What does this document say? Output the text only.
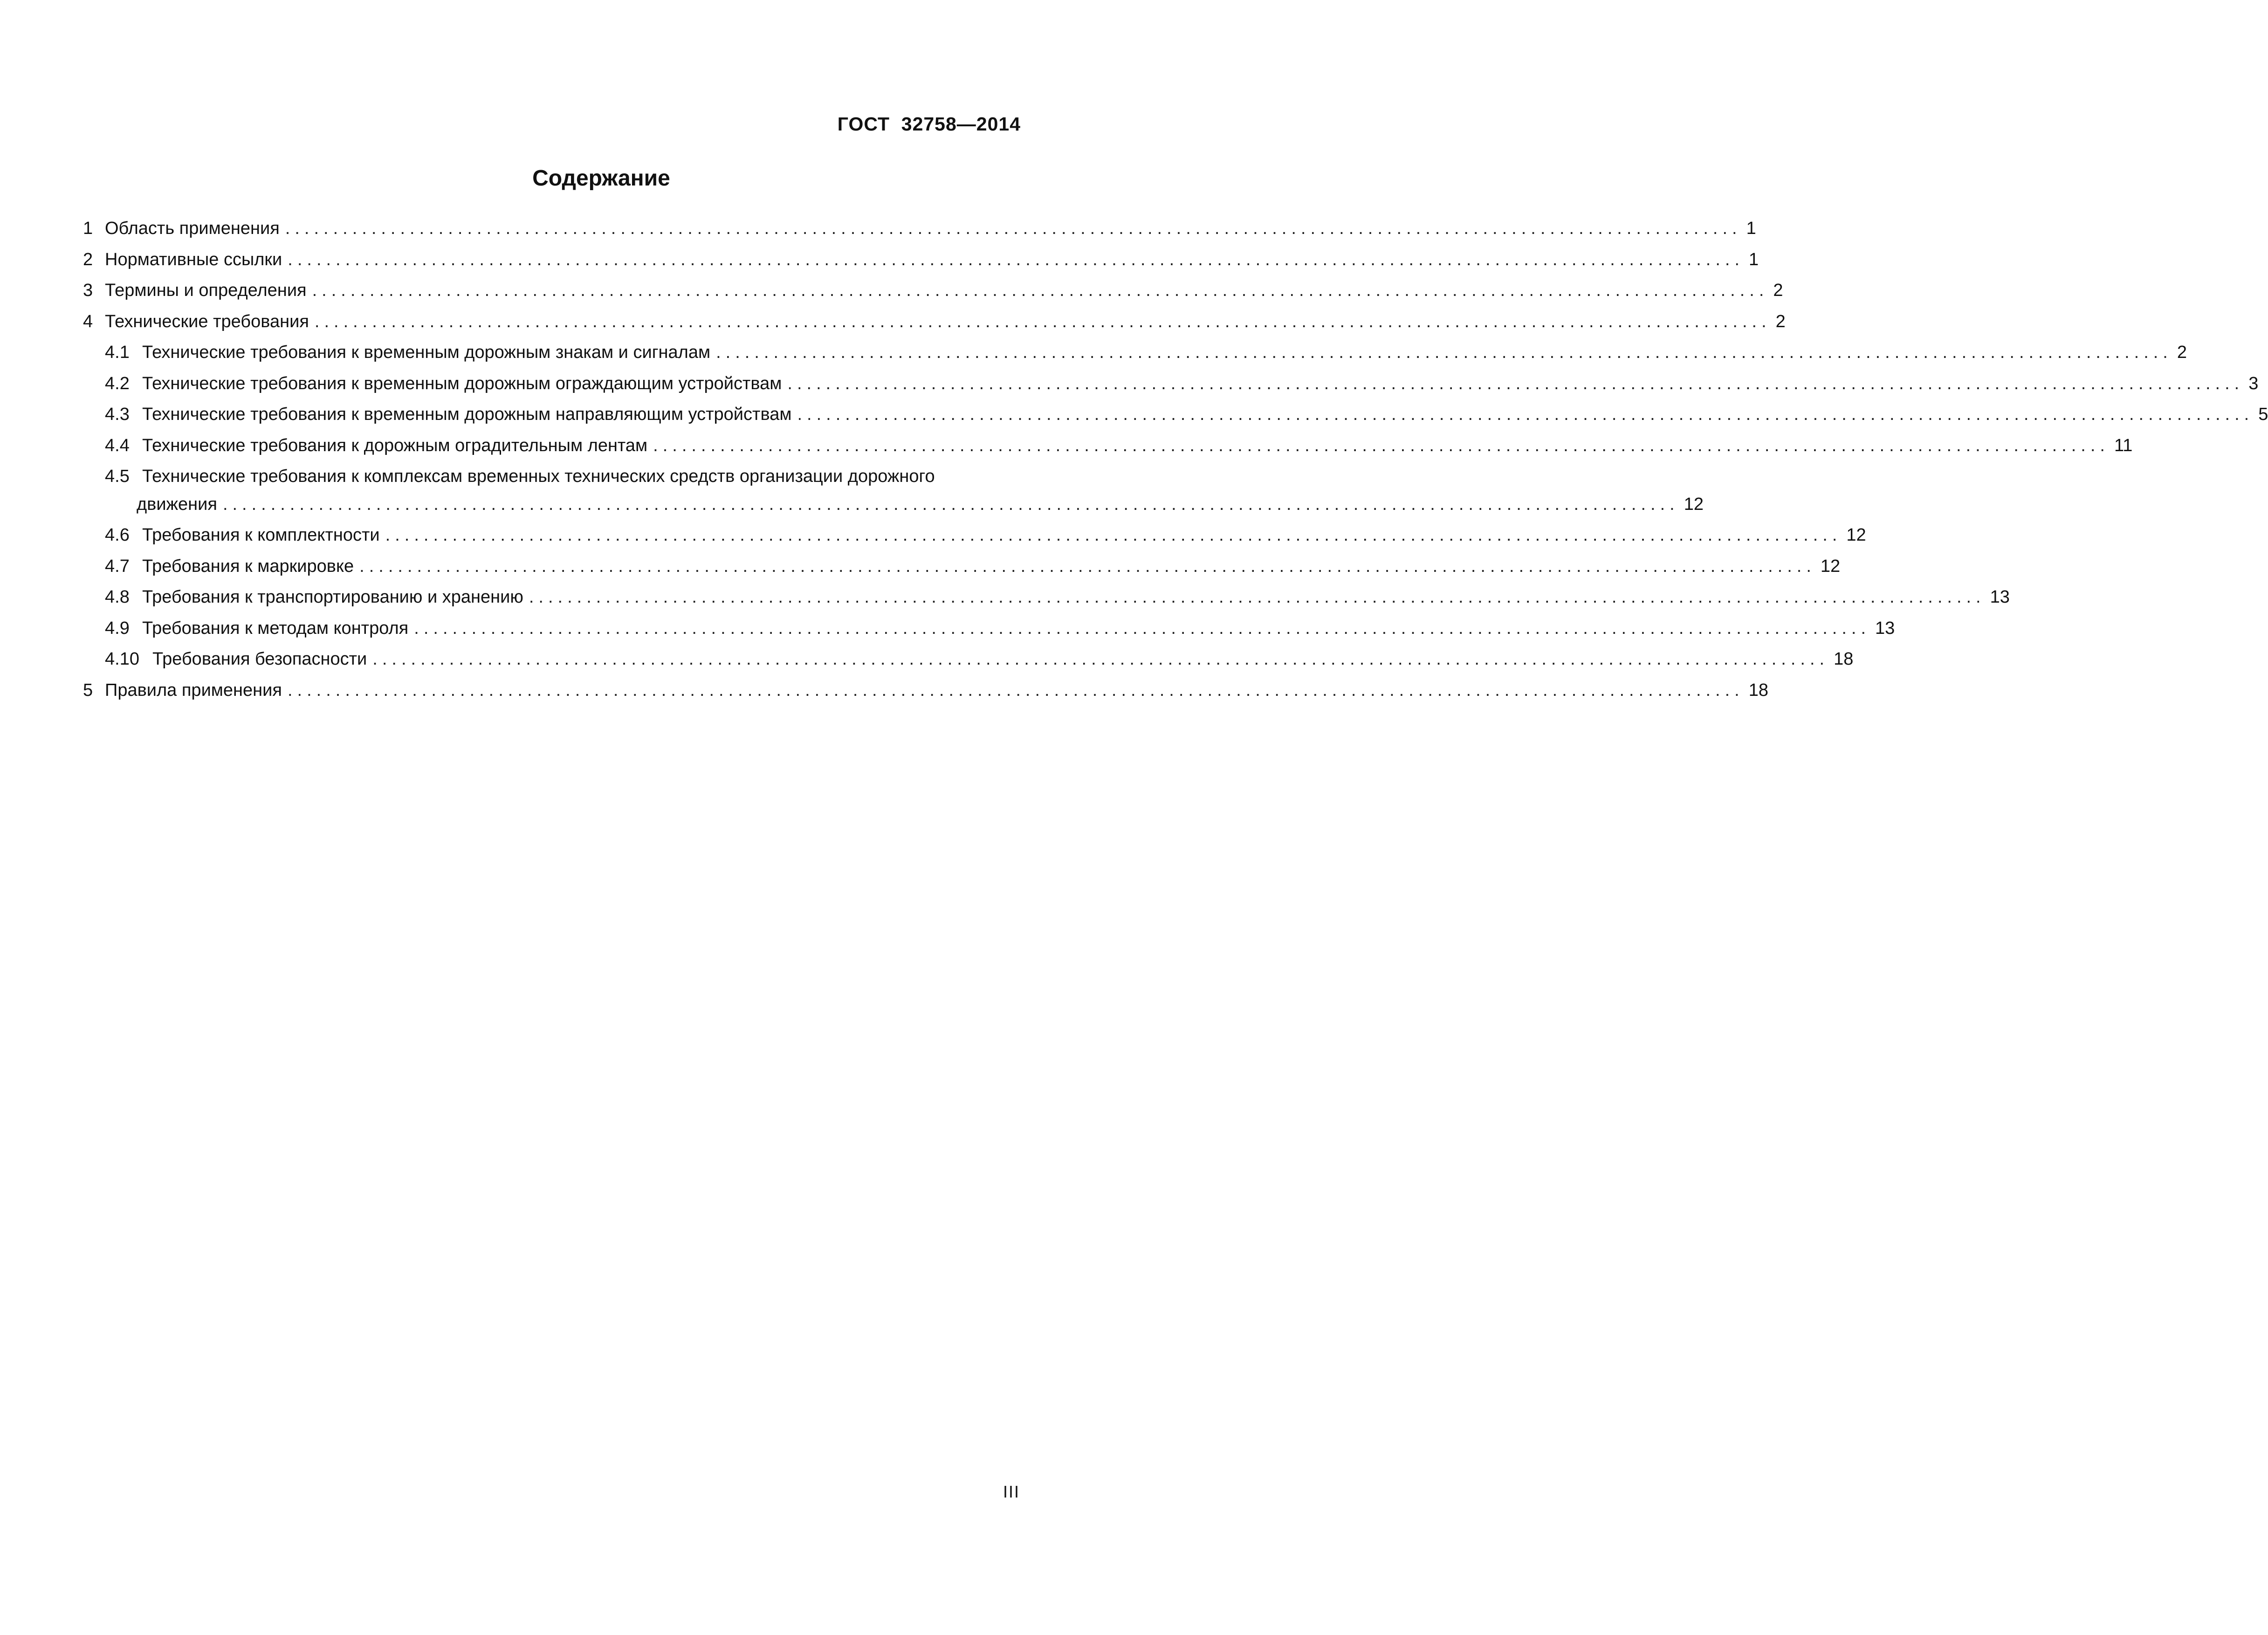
ГОСТ  32758—2014
Содержание
1 Область применения ........................................................................................................................................................ 1
2 Нормативные ссылки ........................................................................................................................................................ 1
3 Термины и определения ........................................................................................................................................................ 2
4 Технические требования ........................................................................................................................................................ 2
4.1 Технические требования к временным дорожным знакам и сигналам ........................................................................................................................................................ 2
4.2 Технические требования к временным дорожным ограждающим устройствам ........................................................................................................................................................ 3
4.3 Технические требования к временным дорожным направляющим устройствам ........................................................................................................................................................ 5
4.4 Технические требования к дорожным оградительным лентам ........................................................................................................................................................ 11
4.5 Технические требования к комплексам временных технических средств организации дорожного
движения ........................................................................................................................................................ 12
4.6 Требования к комплектности ........................................................................................................................................................ 12
4.7 Требования к маркировке ........................................................................................................................................................ 12
4.8 Требования к транспортированию и хранению ........................................................................................................................................................ 13
4.9 Требования к методам контроля ........................................................................................................................................................ 13
4.10 Требования безопасности ........................................................................................................................................................ 18
5 Правила применения ........................................................................................................................................................ 18
III
